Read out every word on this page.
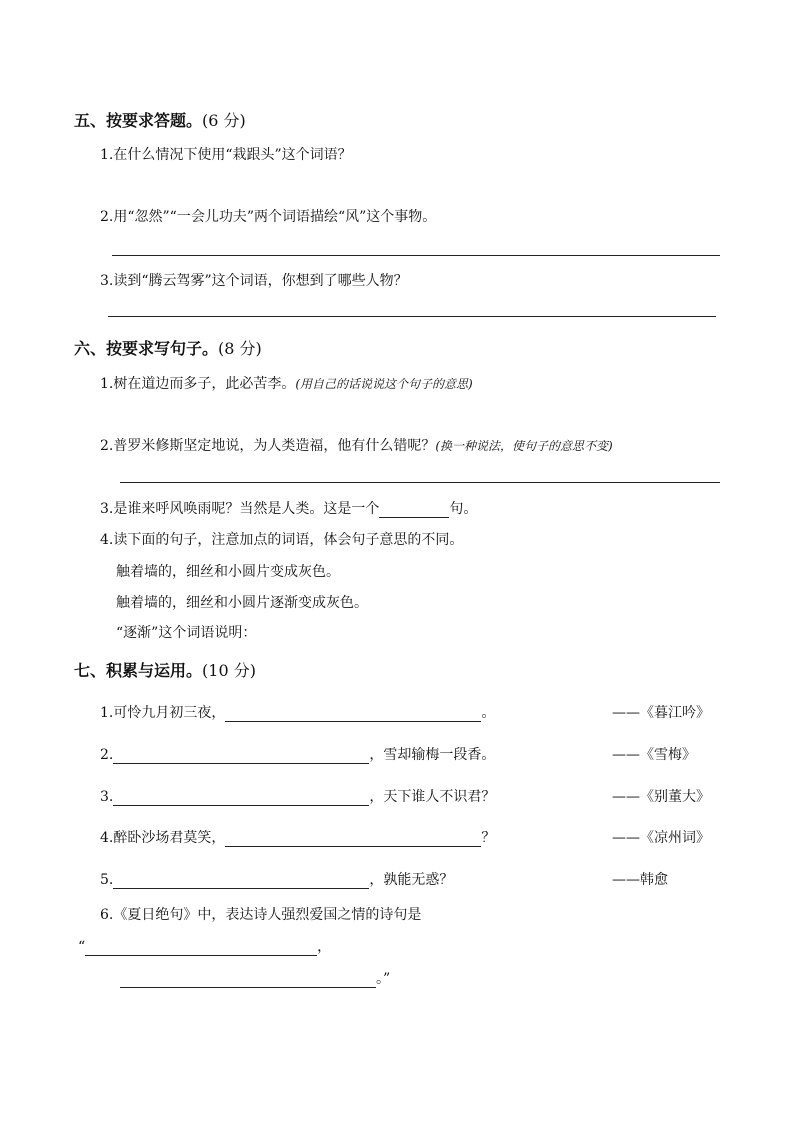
五、按要求答题。(6 分)
1.在什么情况下使用“栽跟头”这个词语？
2.用“忽然”“一会儿功夫”两个词语描绘“风”这个事物。
3.读到“腾云驾雾”这个词语，你想到了哪些人物？
六、按要求写句子。(8 分)
1.树在道边而多子，此必苦李。(用自己的话说说这个句子的意思)
2.普罗米修斯坚定地说，为人类造福，他有什么错呢？(换一种说法，使句子的意思不变)
3.是谁来呼风唤雨呢？当然是人类。这是一个	句。
4.读下面的句子，注意加点的词语，体会句子意思的不同。
触着墙的，细丝和小圆片变成灰色。
触着墙的，细丝和小圆片逐渐变成灰色。
“逐渐”这个词语说明：
七、积累与运用。(10 分)
1.可怜九月初三夜，	。	——《暮江吟》
2.	，雪却输梅一段香。	——《雪梅》
3.	，天下谁人不识君？	——《别董大》
4.醉卧沙场君莫笑，	？	——《凉州词》
5.	，孰能无惑？	——韩愈
6.《夏日绝句》中，表达诗人强烈爱国之情的诗句是
“	，
。”
